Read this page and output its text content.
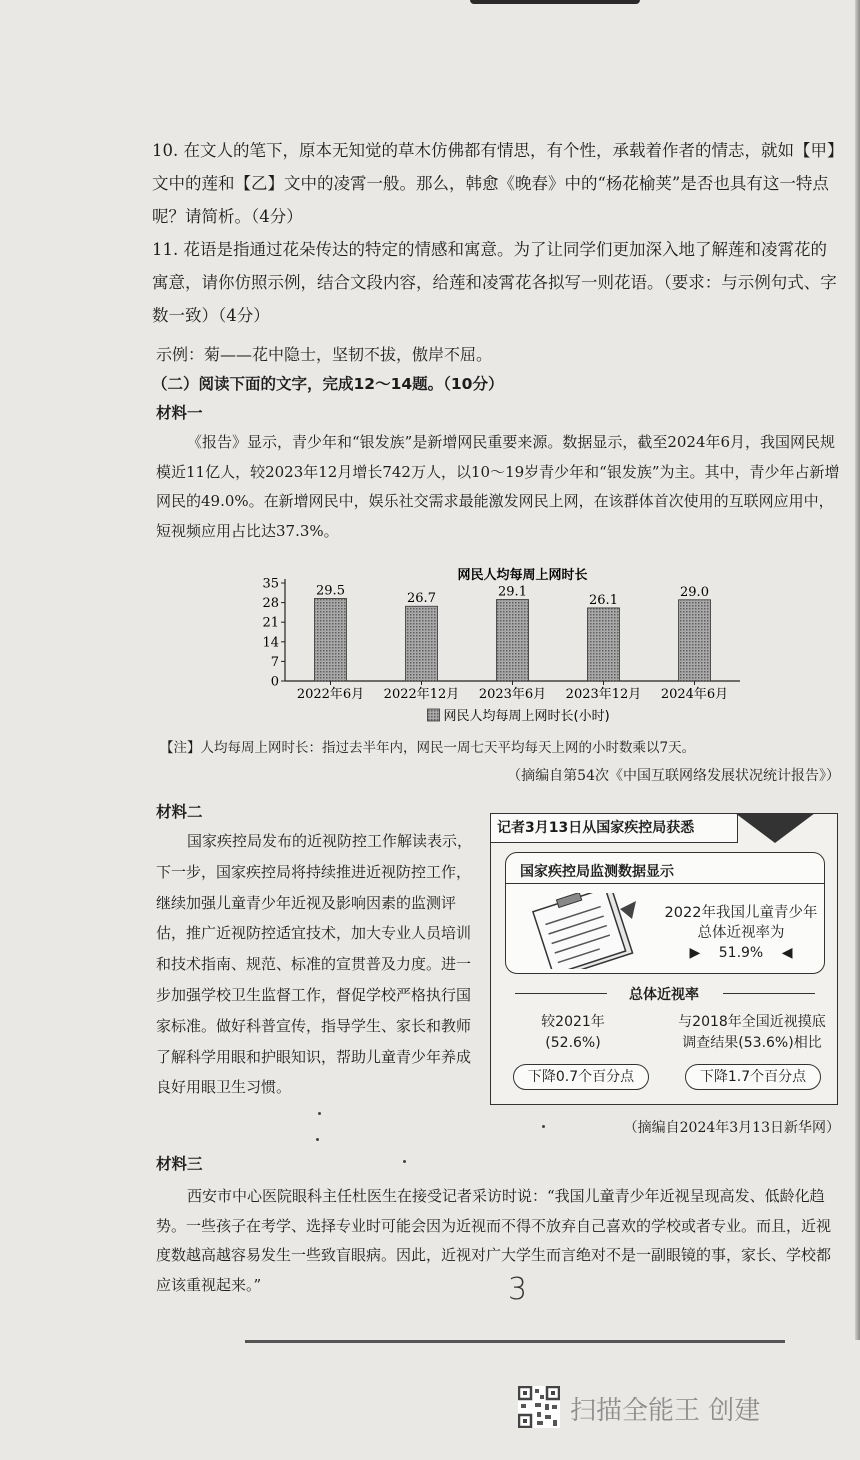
10. 在文人的笔下，原本无知觉的草木仿佛都有情思，有个性，承载着作者的情志，就如【甲】文中的莲和【乙】文中的凌霄一般。那么，韩愈《晚春》中的“杨花榆荚”是否也具有这一特点呢？请简析。（4分）
11. 花语是指通过花朵传达的特定的情感和寓意。为了让同学们更加深入地了解莲和凌霄花的寓意，请你仿照示例，结合文段内容，给莲和凌霄花各拟写一则花语。（要求：与示例句式、字数一致）（4分）
示例：菊——花中隐士，坚韧不拔，傲岸不屈。
（二）阅读下面的文字，完成12～14题。（10分）
材料一
《报告》显示，青少年和“银发族”是新增网民重要来源。数据显示，截至2024年6月，我国网民规模近11亿人，较2023年12月增长742万人，以10～19岁青少年和“银发族”为主。其中，青少年占新增网民的49.0%。在新增网民中，娱乐社交需求最能激发网民上网，在该群体首次使用的互联网应用中，短视频应用占比达37.3%。
网民人均每周上网时长
0
7
14
21
28
35	29.5
2022年6月
26.7
2022年12月
29.1
2023年6月
26.1
2023年12月
29.0
2024年6月
网民人均每周上网时长(小时)
【注】人均每周上网时长：指过去半年内，网民一周七天平均每天上网的小时数乘以7天。
（摘编自第54次《中国互联网络发展状况统计报告》）
材料二
国家疾控局发布的近视防控工作解读表示，下一步，国家疾控局将持续推进近视防控工作，继续加强儿童青少年近视及影响因素的监测评估，推广近视防控适宜技术，加大专业人员培训和技术指南、规范、标准的宣贯普及力度。进一步加强学校卫生监督工作，督促学校严格执行国家标准。做好科普宣传，指导学生、家长和教师了解科学用眼和护眼知识，帮助儿童青少年养成良好用眼卫生习惯。
记者3月13日从国家疾控局获悉
国家疾控局监测数据显示
2022年我国儿童青少年
总体近视率为
▶ 51.9% ◀
总体近视率
较2021年
(52.6%)
与2018年全国近视摸底
调查结果(53.6%)相比
下降0.7个百分点	下降1.7个百分点
（摘编自2024年3月13日新华网）
材料三
西安市中心医院眼科主任杜医生在接受记者采访时说：“我国儿童青少年近视呈现高发、低龄化趋势。一些孩子在考学、选择专业时可能会因为近视而不得不放弃自己喜欢的学校或者专业。而且，近视度数越高越容易发生一些致盲眼病。因此，近视对广大学生而言绝对不是一副眼镜的事，家长、学校都应该重视起来。”	3
扫描全能王 创建
